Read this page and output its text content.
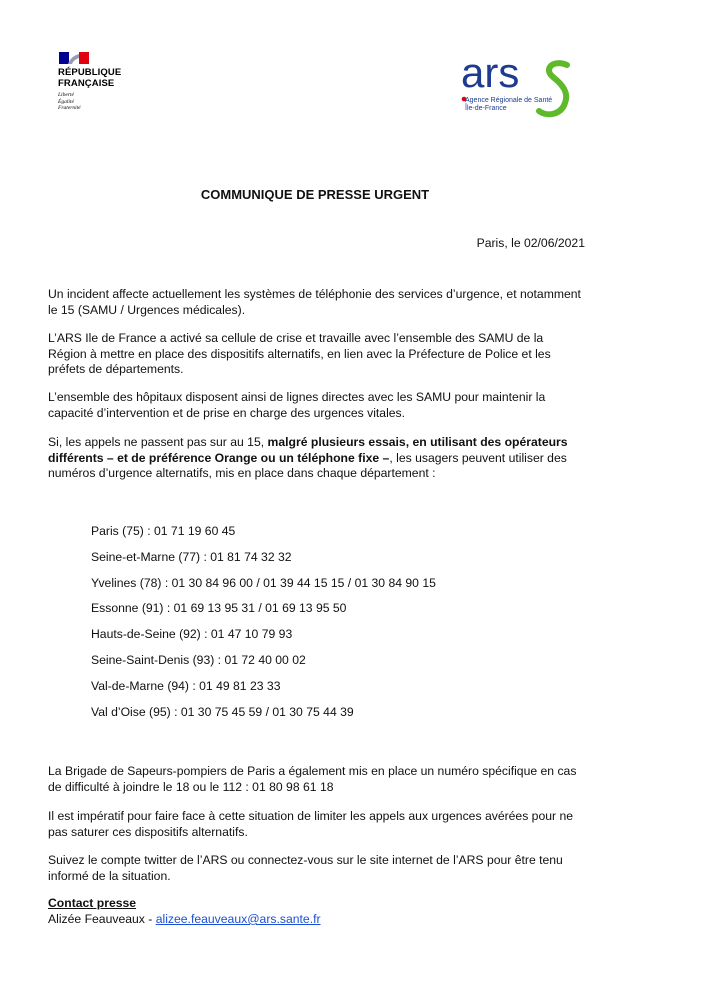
RÉPUBLIQUE
FRANÇAISE
Liberté
Égalité
Fraternité
ars
Agence Régionale de Santé
Île-de-France
COMMUNIQUE DE PRESSE URGENT
Paris, le 02/06/2021
Un incident affecte actuellement les systèmes de téléphonie des services d’urgence, et notamment le 15 (SAMU / Urgences médicales).
L’ARS Ile de France a activé sa cellule de crise et travaille avec l’ensemble des SAMU de la Région à mettre en place des dispositifs alternatifs, en lien avec la Préfecture de Police et les préfets de départements.
L’ensemble des hôpitaux disposent ainsi de lignes directes avec les SAMU pour maintenir la capacité d’intervention et de prise en charge des urgences vitales.
Si, les appels ne passent pas sur au 15, malgré plusieurs essais, en utilisant des opérateurs différents – et de préférence Orange ou un téléphone fixe –, les usagers peuvent utiliser des numéros d’urgence alternatifs, mis en place dans chaque département :
Paris (75) : 01 71 19 60 45
Seine-et-Marne (77) : 01 81 74 32 32
Yvelines (78) : 01 30 84 96 00 / 01 39 44 15 15 / 01 30 84 90 15
Essonne (91) : 01 69 13 95 31 / 01 69 13 95 50
Hauts-de-Seine (92) : 01 47 10 79 93
Seine-Saint-Denis (93) : 01 72 40 00 02
Val-de-Marne (94) : 01 49 81 23 33
Val d’Oise (95) : 01 30 75 45 59 / 01 30 75 44 39
La Brigade de Sapeurs-pompiers de Paris a également mis en place un numéro spécifique en cas de difficulté à joindre le 18 ou le 112 : 01 80 98 61 18
Il est impératif pour faire face à cette situation de limiter les appels aux urgences avérées pour ne pas saturer ces dispositifs alternatifs.
Suivez le compte twitter de l’ARS ou connectez-vous sur le site internet de l’ARS pour être tenu informé de la situation.
Contact presse
Alizée Feauveaux - alizee.feauveaux@ars.sante.fr
